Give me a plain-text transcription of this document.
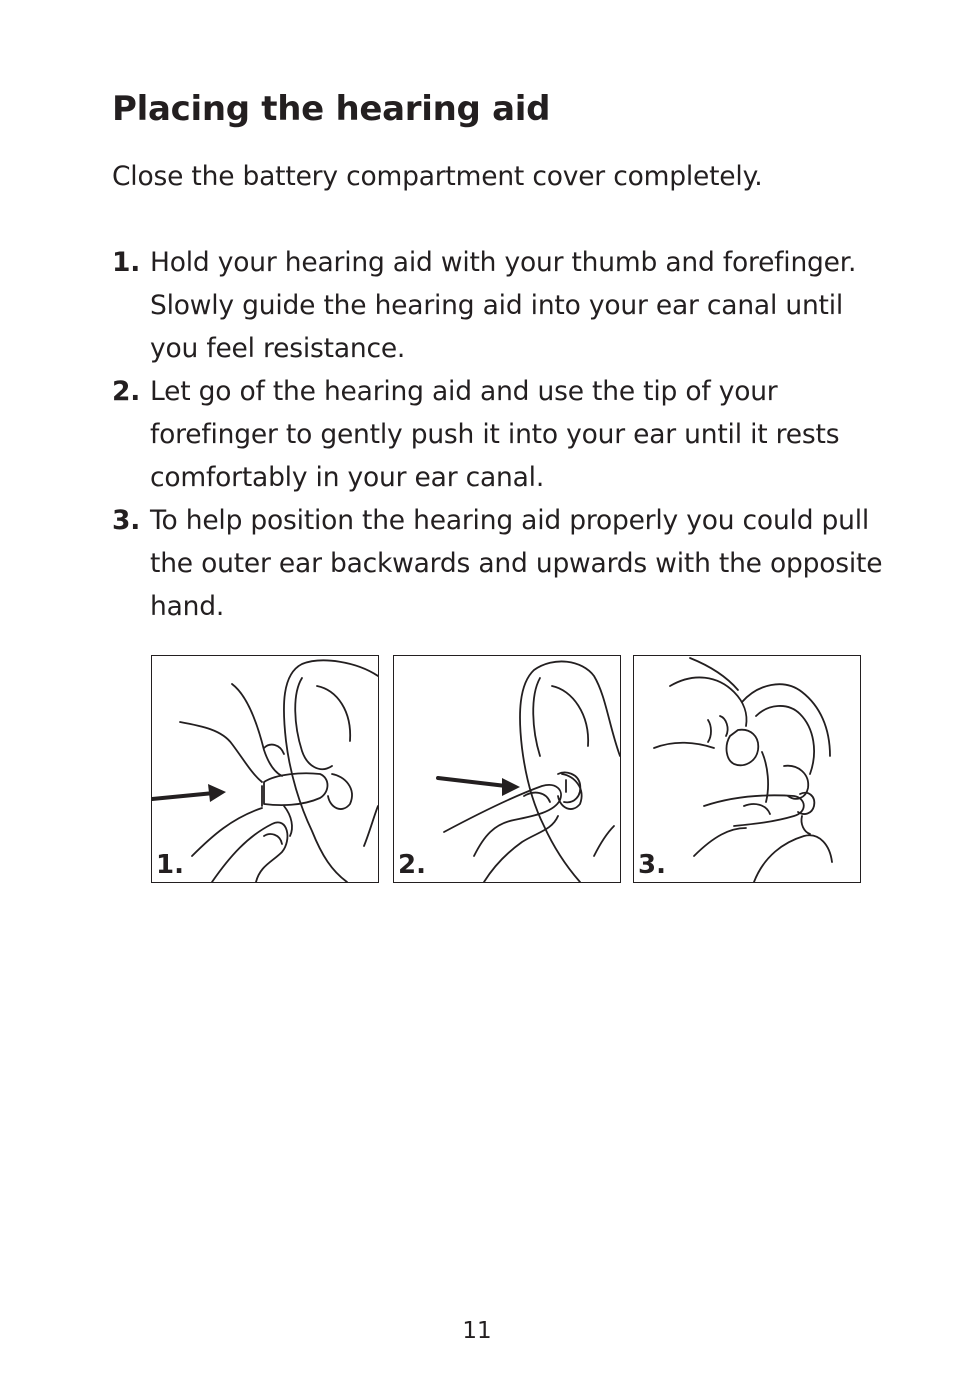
Placing the hearing aid

Close the battery compartment cover completely.

1. Hold your hearing aid with your thumb and forefinger. Slowly guide the hearing aid into your ear canal until you feel resistance.
2. Let go of the hearing aid and use the tip of your forefinger to gently push it into your ear until it rests comfortably in your ear canal.
3. To help position the hearing aid properly you could pull the outer ear backwards and upwards with the opposite hand.
1.	2.	3.
11
